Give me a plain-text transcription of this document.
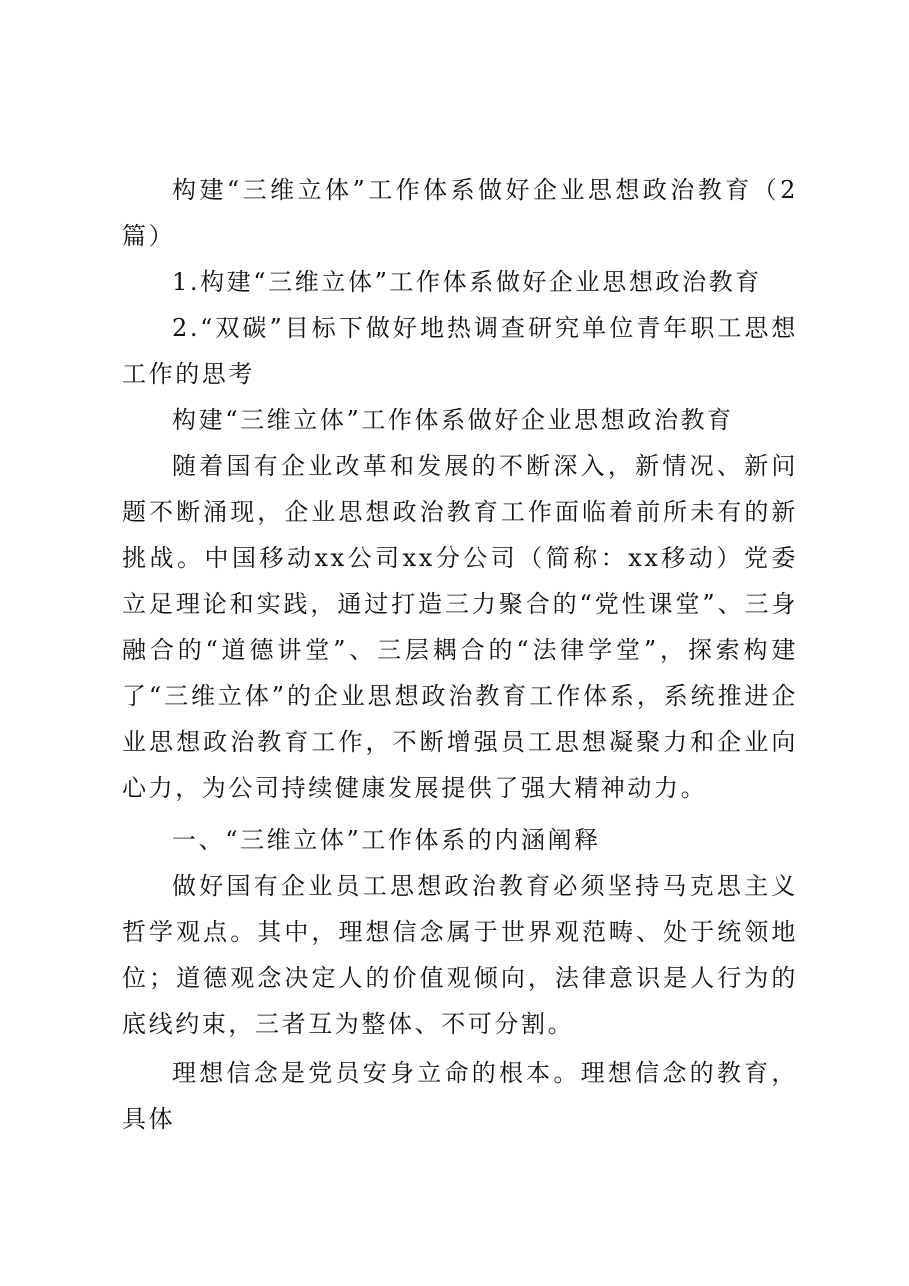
构建“三维立体”工作体系做好企业思想政治教育（2篇）

1.构建“三维立体”工作体系做好企业思想政治教育

2.“双碳”目标下做好地热调查研究单位青年职工思想工作的思考

构建“三维立体”工作体系做好企业思想政治教育

随着国有企业改革和发展的不断深入，新情况、新问题不断涌现，企业思想政治教育工作面临着前所未有的新挑战。中国移动xx公司xx分公司（简称：xx移动）党委立足理论和实践，通过打造三力聚合的“党性课堂”、三身融合的“道德讲堂”、三层耦合的“法律学堂”，探索构建了“三维立体”的企业思想政治教育工作体系，系统推进企业思想政治教育工作，不断增强员工思想凝聚力和企业向心力，为公司持续健康发展提供了强大精神动力。

一、“三维立体”工作体系的内涵阐释

做好国有企业员工思想政治教育必须坚持马克思主义哲学观点。其中，理想信念属于世界观范畴、处于统领地位；道德观念决定人的价值观倾向，法律意识是人行为的底线约束，三者互为整体、不可分割。

理想信念是党员安身立命的根本。理想信念的教育，具体
